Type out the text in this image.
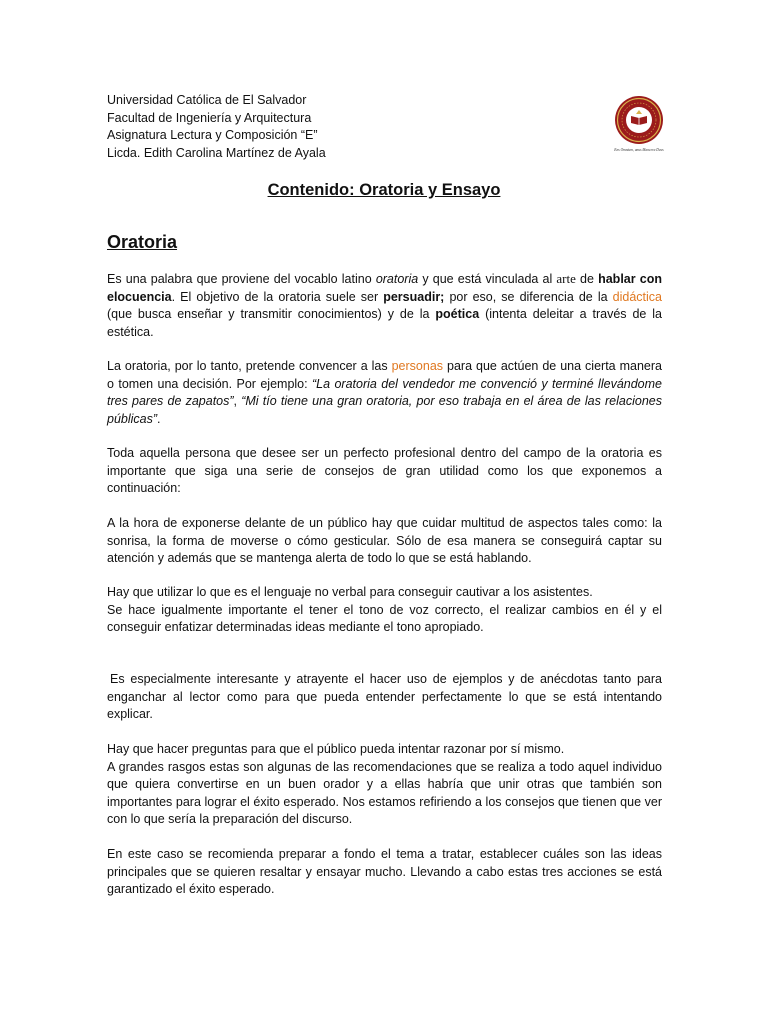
Universidad Católica de El Salvador
Facultad de Ingeniería y Arquitectura
Asignatura Lectura y Composición “E”
Licda. Edith Carolina Martínez de Ayala	Ens Omnium, unus Mancera Deus
Contenido: Oratoria y Ensayo
Oratoria

Es una palabra que proviene del vocablo latino oratoria y que está vinculada al arte de hablar con elocuencia. El objetivo de la oratoria suele ser persuadir; por eso, se diferencia de la didáctica (que busca enseñar y transmitir conocimientos) y de la poética (intenta deleitar a través de la estética.

La oratoria, por lo tanto, pretende convencer a las personas para que actúen de una cierta manera o tomen una decisión. Por ejemplo: “La oratoria del vendedor me convenció y terminé llevándome tres pares de zapatos”, “Mi tío tiene una gran oratoria, por eso trabaja en el área de las relaciones públicas”.

Toda aquella persona que desee ser un perfecto profesional dentro del campo de la oratoria es importante que siga una serie de consejos de gran utilidad como los que exponemos a continuación:

A la hora de exponerse delante de un público hay que cuidar multitud de aspectos tales como: la sonrisa, la forma de moverse o cómo gesticular. Sólo de esa manera se conseguirá captar su atención y además que se mantenga alerta de todo lo que se está hablando.

Hay que utilizar lo que es el lenguaje no verbal para conseguir cautivar a los asistentes.

Se hace igualmente importante el tener el tono de voz correcto, el realizar cambios en él y el conseguir enfatizar determinadas ideas mediante el tono apropiado.

Es especialmente interesante y atrayente el hacer uso de ejemplos y de anécdotas tanto para enganchar al lector como para que pueda entender perfectamente lo que se está intentando explicar.

Hay que hacer preguntas para que el público pueda intentar razonar por sí mismo.

A grandes rasgos estas son algunas de las recomendaciones que se realiza a todo aquel individuo que quiera convertirse en un buen orador y a ellas habría que unir otras que también son importantes para lograr el éxito esperado. Nos estamos refiriendo a los consejos que tienen que ver con lo que sería la preparación del discurso.

En este caso se recomienda preparar a fondo el tema a tratar, establecer cuáles son las ideas principales que se quieren resaltar y ensayar mucho. Llevando a cabo estas tres acciones se está garantizado el éxito esperado.
